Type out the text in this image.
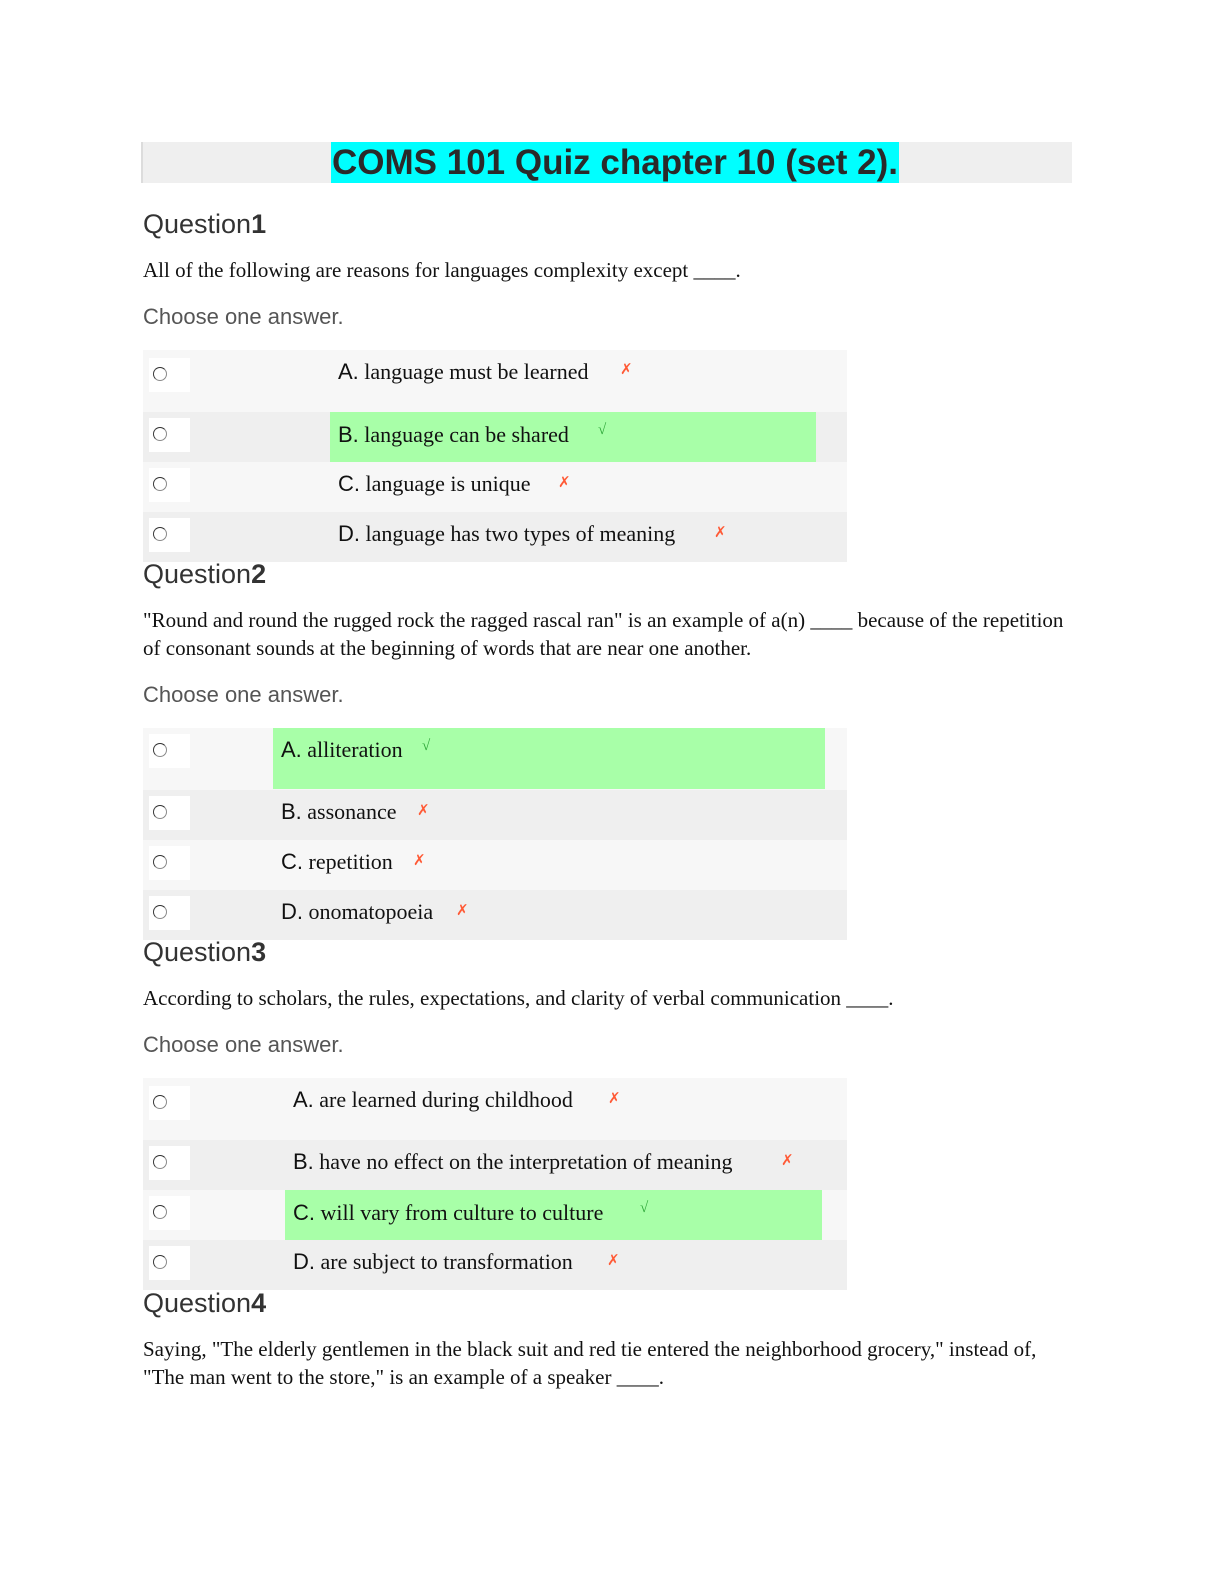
COMS 101 Quiz chapter 10 (set 2).
Question1
All of the following are reasons for languages complexity except ____.
Choose one answer.
A. language must be learned ✗
B. language can be shared	√
C. language is unique ✗
D. language has two types of meaning	✗
Question2
"Round and round the rugged rock the ragged rascal ran" is an example of a(n) ____ because of the repetition of consonant sounds at the beginning of words that are near one another.
Choose one answer.
A. alliteration	√
B. assonance ✗
C. repetition ✗
D. onomatopoeia ✗
Question3
According to scholars, the rules, expectations, and clarity of verbal communication ____.
Choose one answer.
A. are learned during childhood ✗
B. have no effect on the interpretation of meaning	✗
C. will vary from culture to culture	√
D. are subject to transformation ✗
Question4
Saying, "The elderly gentlemen in the black suit and red tie entered the neighborhood grocery," instead of, "The man went to the store," is an example of a speaker ____.
